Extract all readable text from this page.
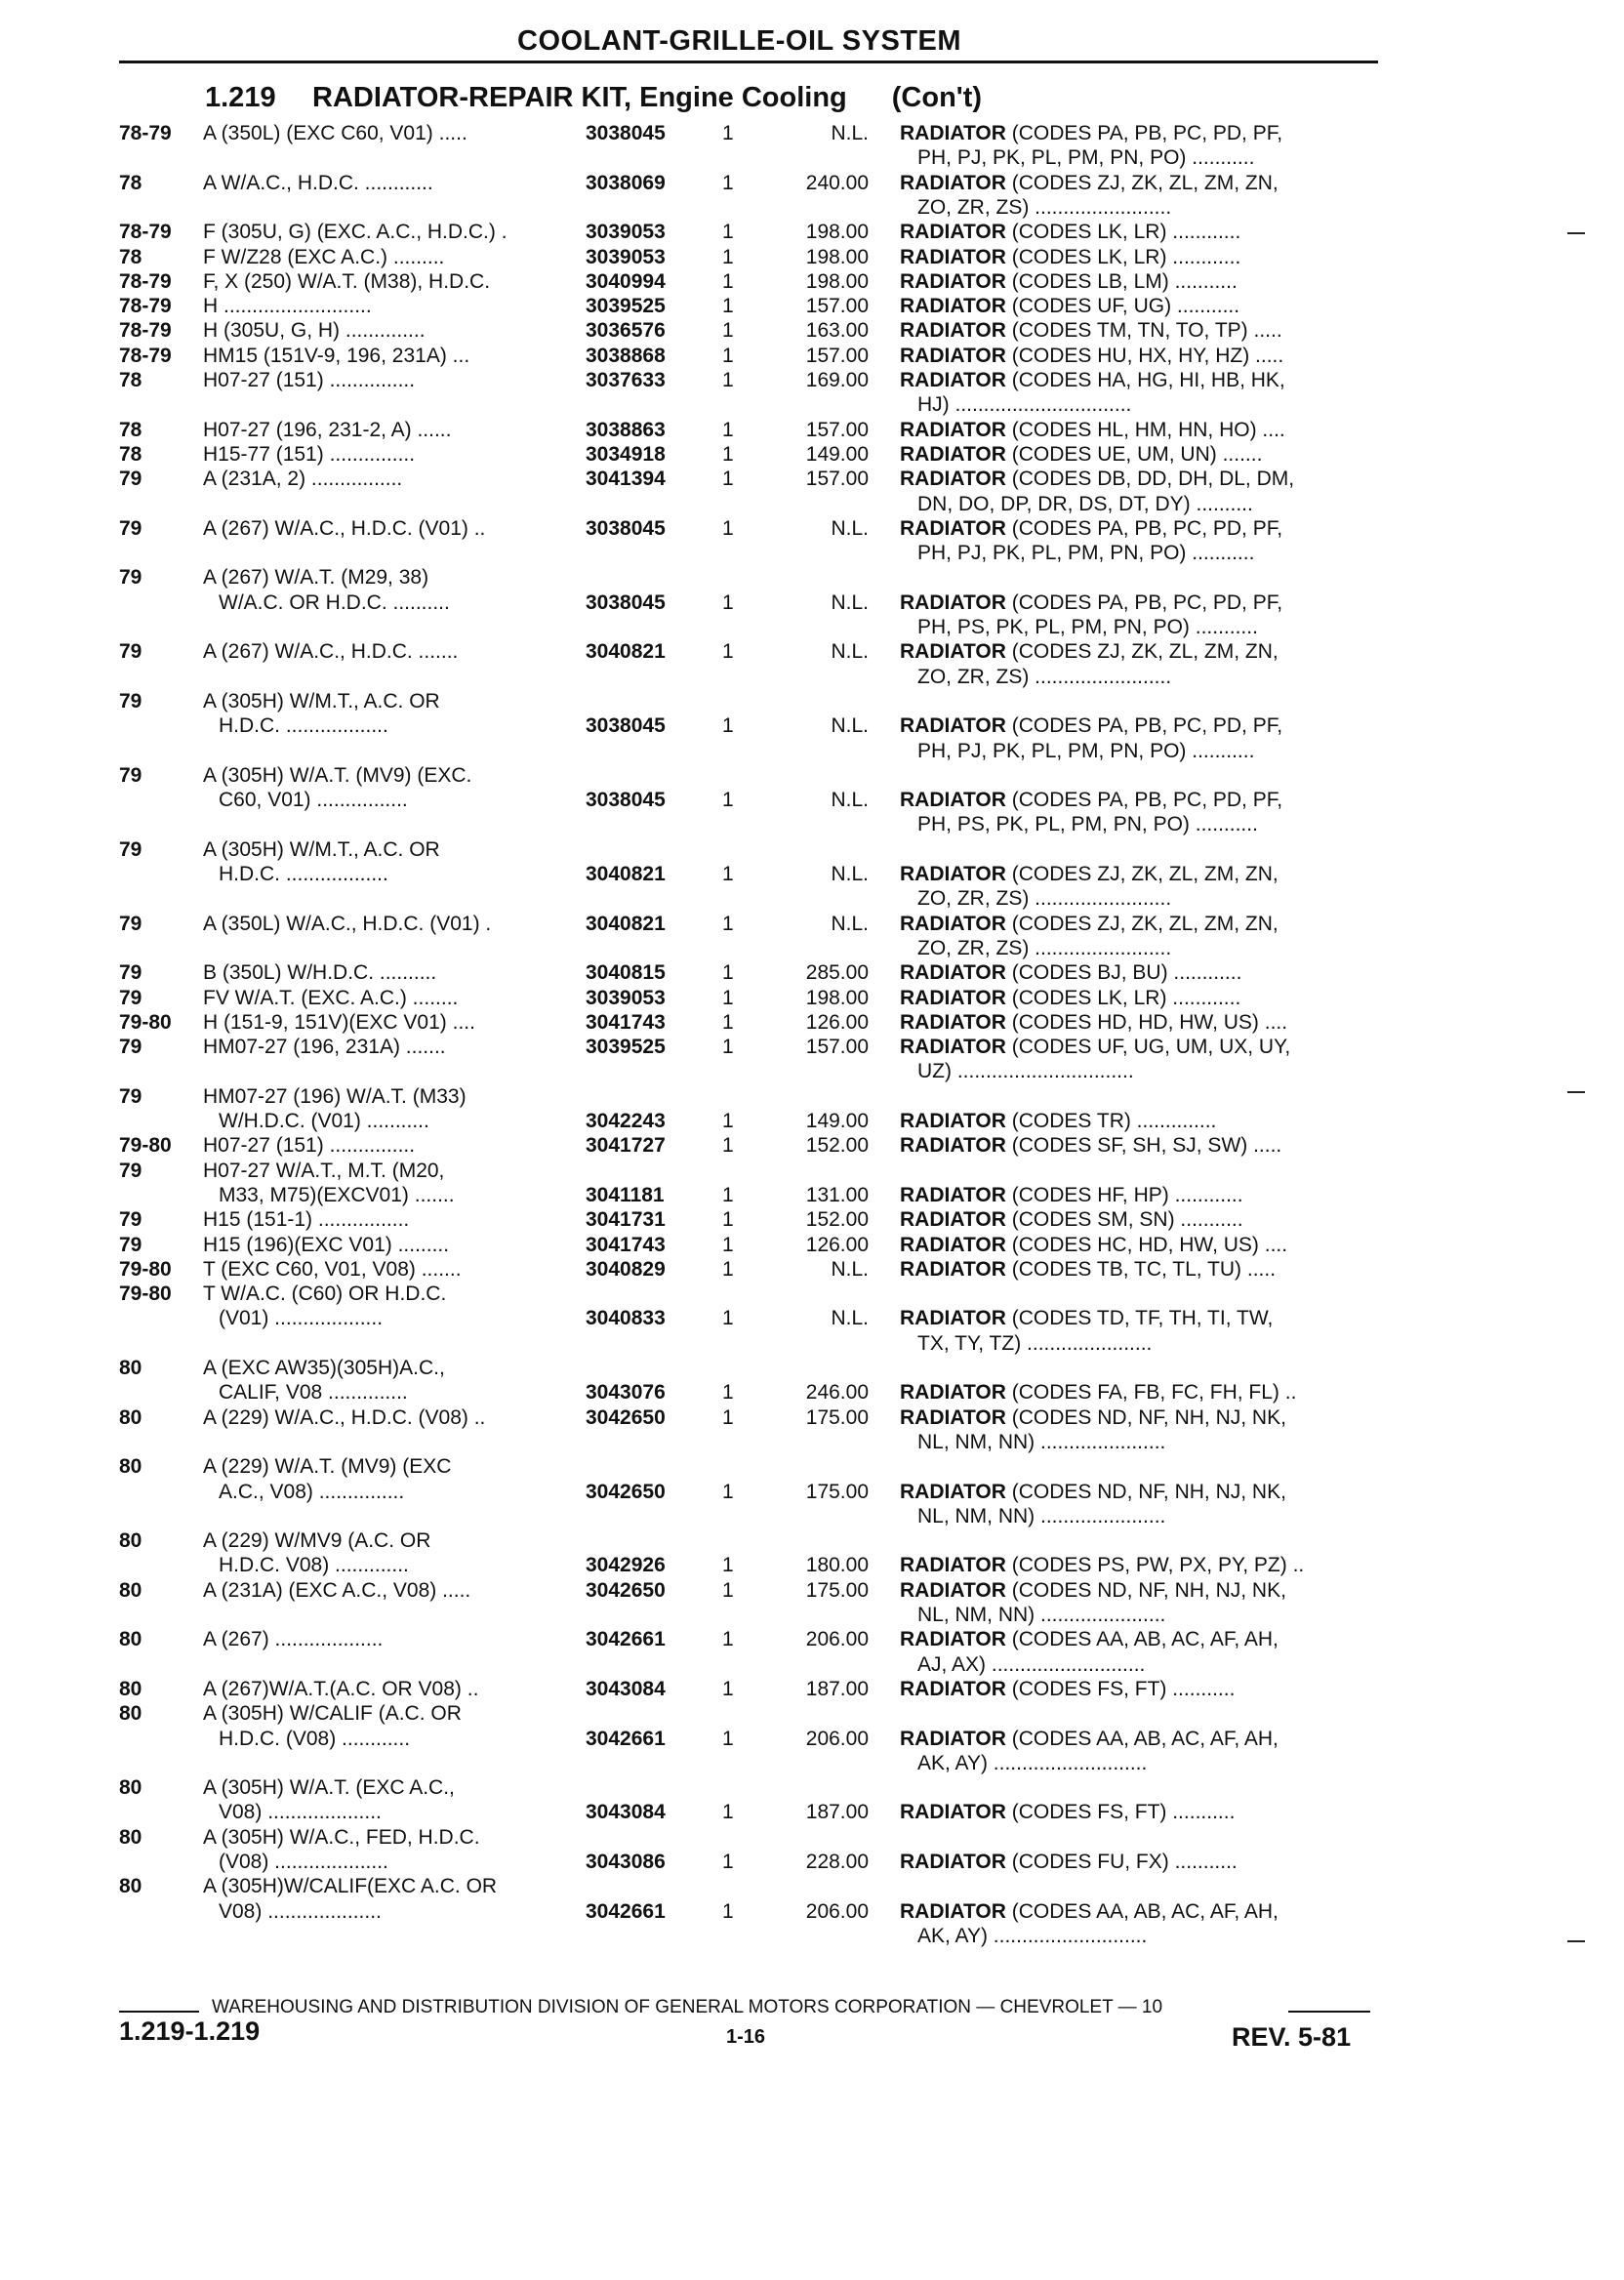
COOLANT-GRILLE-OIL SYSTEM
1.219 RADIATOR-REPAIR KIT, Engine Cooling (Con't)
78-79 A (350L) (EXC C60, V01) .....	3038045	1	N.L. RADIATOR (CODES PA, PB, PC, PD, PF,
PH, PJ, PK, PL, PM, PN, PO) ...........
78	A W/A.C., H.D.C. ............	3038069	1	240.00 RADIATOR (CODES ZJ, ZK, ZL, ZM, ZN,
ZO, ZR, ZS) ........................
78-79 F (305U, G) (EXC. A.C., H.D.C.) .	3039053	1	198.00 RADIATOR (CODES LK, LR) ............
78	F W/Z28 (EXC A.C.) .........	3039053	1	198.00 RADIATOR (CODES LK, LR) ............
78-79 F, X (250) W/A.T. (M38), H.D.C.	3040994	1	198.00 RADIATOR (CODES LB, LM) ...........
78-79 H ..........................	3039525	1	157.00 RADIATOR (CODES UF, UG) ...........
78-79 H (305U, G, H) ..............	3036576	1	163.00 RADIATOR (CODES TM, TN, TO, TP) .....
78-79 HM15 (151V-9, 196, 231A) ...	3038868	1	157.00 RADIATOR (CODES HU, HX, HY, HZ) .....
78	H07-27 (151) ...............	3037633	1	169.00 RADIATOR (CODES HA, HG, HI, HB, HK,
HJ) ...............................
78	H07-27 (196, 231-2, A) ......	3038863	1	157.00 RADIATOR (CODES HL, HM, HN, HO) ....
78	H15-77 (151) ...............	3034918	1	149.00 RADIATOR (CODES UE, UM, UN) .......
79	A (231A, 2) ................	3041394	1	157.00 RADIATOR (CODES DB, DD, DH, DL, DM,
DN, DO, DP, DR, DS, DT, DY) ..........
79	A (267) W/A.C., H.D.C. (V01) ..	3038045	1	N.L. RADIATOR (CODES PA, PB, PC, PD, PF,
PH, PJ, PK, PL, PM, PN, PO) ...........
79	A (267) W/A.T. (M29, 38)
W/A.C. OR H.D.C. ..........	3038045	1	N.L. RADIATOR (CODES PA, PB, PC, PD, PF,
PH, PS, PK, PL, PM, PN, PO) ...........
79	A (267) W/A.C., H.D.C. .......	3040821	1	N.L. RADIATOR (CODES ZJ, ZK, ZL, ZM, ZN,
ZO, ZR, ZS) ........................
79	A (305H) W/M.T., A.C. OR
H.D.C. ..................	3038045	1	N.L. RADIATOR (CODES PA, PB, PC, PD, PF,
PH, PJ, PK, PL, PM, PN, PO) ...........
79	A (305H) W/A.T. (MV9) (EXC.
C60, V01) ................	3038045	1	N.L. RADIATOR (CODES PA, PB, PC, PD, PF,
PH, PS, PK, PL, PM, PN, PO) ...........
79	A (305H) W/M.T., A.C. OR
H.D.C. ..................	3040821	1	N.L. RADIATOR (CODES ZJ, ZK, ZL, ZM, ZN,
ZO, ZR, ZS) ........................
79	A (350L) W/A.C., H.D.C. (V01) .	3040821	1	N.L. RADIATOR (CODES ZJ, ZK, ZL, ZM, ZN,
ZO, ZR, ZS) ........................
79	B (350L) W/H.D.C. ..........	3040815	1	285.00 RADIATOR (CODES BJ, BU) ............
79	FV W/A.T. (EXC. A.C.) ........	3039053	1	198.00 RADIATOR (CODES LK, LR) ............
79-80 H (151-9, 151V)(EXC V01) ....	3041743	1	126.00 RADIATOR (CODES HD, HD, HW, US) ....
79	HM07-27 (196, 231A) .......	3039525	1	157.00 RADIATOR (CODES UF, UG, UM, UX, UY,
UZ) ...............................
79	HM07-27 (196) W/A.T. (M33)
W/H.D.C. (V01) ...........	3042243	1	149.00 RADIATOR (CODES TR) ..............
79-80 H07-27 (151) ...............	3041727	1	152.00 RADIATOR (CODES SF, SH, SJ, SW) .....
79	H07-27 W/A.T., M.T. (M20,
M33, M75)(EXCV01) .......	3041181	1	131.00 RADIATOR (CODES HF, HP) ............
79	H15 (151-1) ................	3041731	1	152.00 RADIATOR (CODES SM, SN) ...........
79	H15 (196)(EXC V01) .........	3041743	1	126.00 RADIATOR (CODES HC, HD, HW, US) ....
79-80 T (EXC C60, V01, V08) .......	3040829	1	N.L. RADIATOR (CODES TB, TC, TL, TU) .....
79-80 T W/A.C. (C60) OR H.D.C.
(V01) ...................	3040833	1	N.L. RADIATOR (CODES TD, TF, TH, TI, TW,
TX, TY, TZ) ......................
80	A (EXC AW35)(305H)A.C.,
CALIF, V08 ..............	3043076	1	246.00 RADIATOR (CODES FA, FB, FC, FH, FL) ..
80	A (229) W/A.C., H.D.C. (V08) ..	3042650	1	175.00 RADIATOR (CODES ND, NF, NH, NJ, NK,
NL, NM, NN) ......................
80	A (229) W/A.T. (MV9) (EXC
A.C., V08) ...............	3042650	1	175.00 RADIATOR (CODES ND, NF, NH, NJ, NK,
NL, NM, NN) ......................
80	A (229) W/MV9 (A.C. OR
H.D.C. V08) .............	3042926	1	180.00 RADIATOR (CODES PS, PW, PX, PY, PZ) ..
80	A (231A) (EXC A.C., V08) .....	3042650	1	175.00 RADIATOR (CODES ND, NF, NH, NJ, NK,
NL, NM, NN) ......................
80	A (267) ...................	3042661	1	206.00 RADIATOR (CODES AA, AB, AC, AF, AH,
AJ, AX) ...........................
80	A (267)W/A.T.(A.C. OR V08) ..	3043084	1	187.00 RADIATOR (CODES FS, FT) ...........
80	A (305H) W/CALIF (A.C. OR
H.D.C. (V08) ............	3042661	1	206.00 RADIATOR (CODES AA, AB, AC, AF, AH,
AK, AY) ...........................
80	A (305H) W/A.T. (EXC A.C.,
V08) ....................	3043084	1	187.00 RADIATOR (CODES FS, FT) ...........
80	A (305H) W/A.C., FED, H.D.C.
(V08) ....................	3043086	1	228.00 RADIATOR (CODES FU, FX) ...........
80	A (305H)W/CALIF(EXC A.C. OR
V08) ....................	3042661	1	206.00 RADIATOR (CODES AA, AB, AC, AF, AH,
AK, AY) ...........................
WAREHOUSING AND DISTRIBUTION DIVISION OF GENERAL MOTORS CORPORATION — CHEVROLET — 10
1.219-1.219	1-16	REV. 5-81
